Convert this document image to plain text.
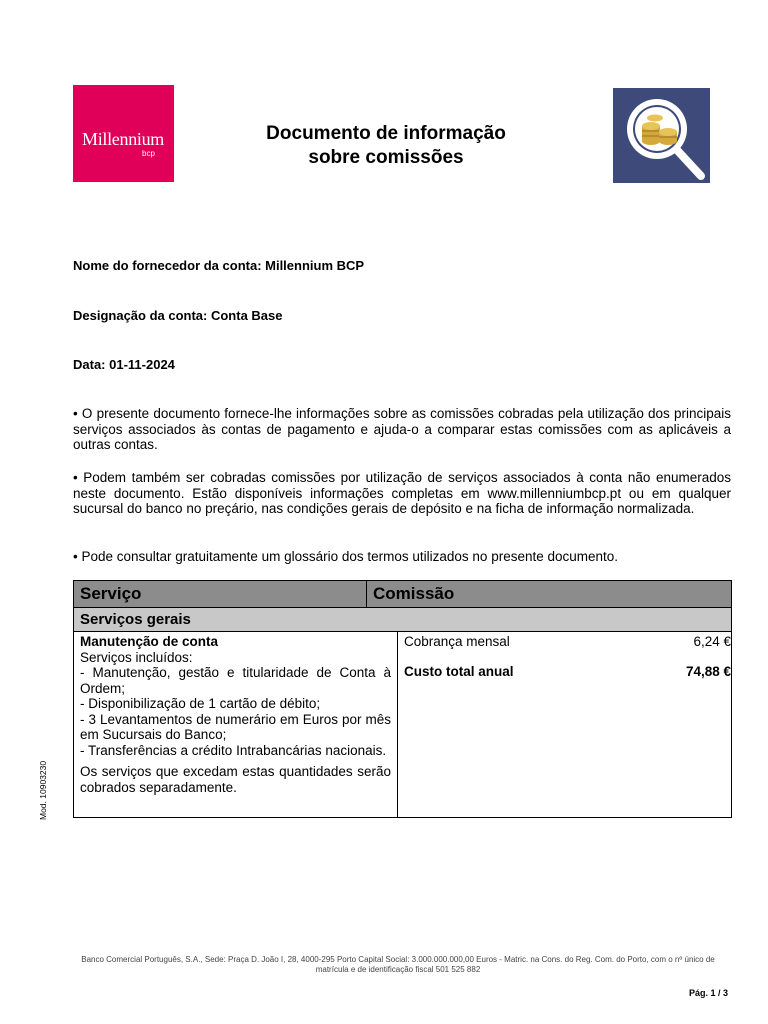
Millennium
bcp
Documento de informação
sobre comissões
Nome do fornecedor da conta: Millennium BCP
Designação da conta: Conta Base
Data: 01-11-2024
• O presente documento fornece-lhe informações sobre as comissões cobradas pela utilização dos principais serviços associados às contas de pagamento e ajuda-o a comparar estas comissões com as aplicáveis a outras contas.
• Podem também ser cobradas comissões por utilização de serviços associados à conta não enumerados neste documento. Estão disponíveis informações completas em www.millenniumbcp.pt ou em qualquer sucursal do banco no preçário, nas condições gerais de depósito e na ficha de informação normalizada.
• Pode consultar gratuitamente um glossário dos termos utilizados no presente documento.
Serviço	Comissão
Serviços gerais
Manutenção de conta
Serviços incluídos:
- Manutenção, gestão e titularidade de Conta à Ordem;
- Disponibilização de 1 cartão de débito;
- 3 Levantamentos de numerário em Euros por mês em Sucursais do Banco;
- Transferências a crédito Intrabancárias nacionais.
Os serviços que excedam estas quantidades serão cobrados separadamente.

Cobrança mensal	6,24 €
Custo total anual	74,88 €
Mod. 10903230
Banco Comercial Português, S.A., Sede: Praça D. João I, 28, 4000-295 Porto Capital Social: 3.000.000.000,00 Euros - Matric. na Cons. do Reg. Com. do Porto, com o nº único de matrícula e de identificação fiscal 501 525 882
Pág. 1 / 3
